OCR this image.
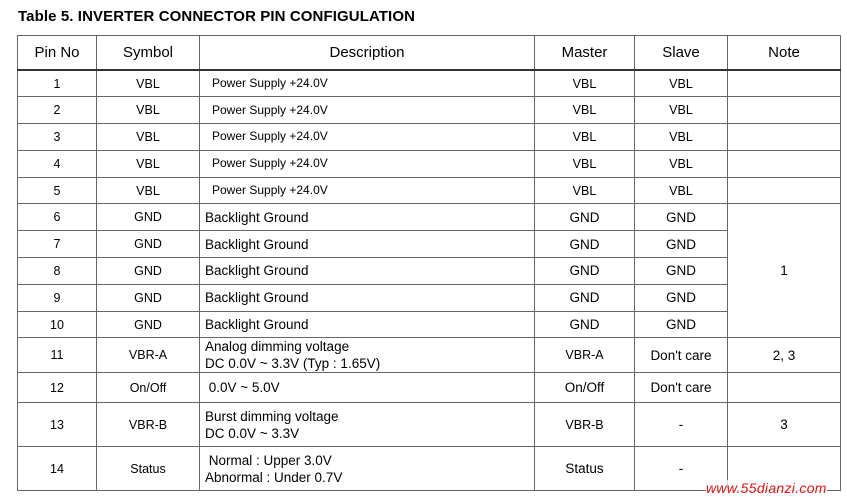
Table 5. INVERTER CONNECTOR PIN CONFIGULATION
Pin No	Symbol	Description	Master	Slave	Note
1	VBL	Power Supply +24.0V	VBL	VBL	
2	VBL	Power Supply +24.0V	VBL	VBL	
3	VBL	Power Supply +24.0V	VBL	VBL	
4	VBL	Power Supply +24.0V	VBL	VBL	
5	VBL	Power Supply +24.0V	VBL	VBL	
6	GND	Backlight Ground	GND	GND	1
7	GND	Backlight Ground	GND	GND	
8	GND	Backlight Ground	GND	GND	
9	GND	Backlight Ground	GND	GND	
10	GND	Backlight Ground	GND	GND	
11	VBR-A	Analog dimming voltage
DC 0.0V ~ 3.3V (Typ : 1.65V)	VBR-A	Don't care	2, 3
12	On/Off	0.0V ~ 5.0V	On/Off	Don't care	
13	VBR-B	Burst dimming voltage
DC 0.0V ~ 3.3V	VBR-B	-	3
14	Status	Normal : Upper 3.0V
Abnormal : Under 0.7V	Status	-	
www.55dianzi.com
